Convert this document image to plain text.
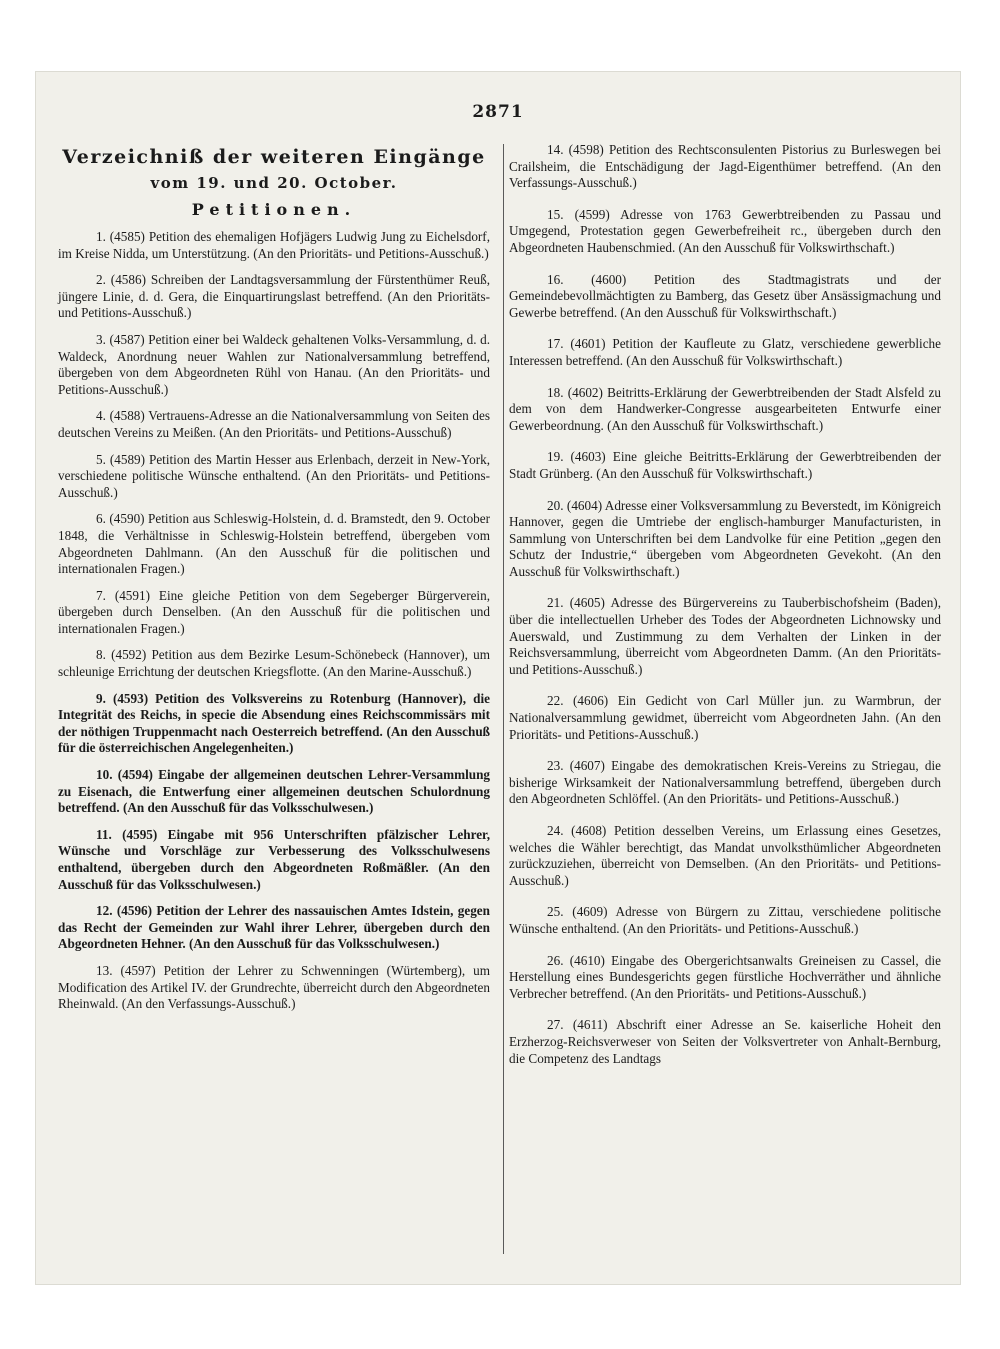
2871
Verzeichniß der weiteren Eingänge
vom 19. und 20. October.
Petitionen.

1. (4585) Petition des ehemaligen Hofjägers Ludwig Jung zu Eichelsdorf, im Kreise Nidda, um Unterstützung. (An den Prioritäts- und Petitions-Ausschuß.)

2. (4586) Schreiben der Landtagsversammlung der Fürstenthümer Reuß, jüngere Linie, d. d. Gera, die Einquartirungslast betreffend. (An den Prioritäts- und Petitions-Ausschuß.)

3. (4587) Petition einer bei Waldeck gehaltenen Volks-Versammlung, d. d. Waldeck, Anordnung neuer Wahlen zur Nationalversammlung betreffend, übergeben von dem Abgeordneten Rühl von Hanau. (An den Prioritäts- und Petitions-Ausschuß.)

4. (4588) Vertrauens-Adresse an die Nationalversammlung von Seiten des deutschen Vereins zu Meißen. (An den Prioritäts- und Petitions-Ausschuß)

5. (4589) Petition des Martin Hesser aus Erlenbach, derzeit in New-York, verschiedene politische Wünsche enthaltend. (An den Prioritäts- und Petitions-Ausschuß.)

6. (4590) Petition aus Schleswig-Holstein, d. d. Bramstedt, den 9. October 1848, die Verhältnisse in Schleswig-Holstein betreffend, übergeben vom Abgeordneten Dahlmann. (An den Ausschuß für die politischen und internationalen Fragen.)

7. (4591) Eine gleiche Petition von dem Segeberger Bürgerverein, übergeben durch Denselben. (An den Ausschuß für die politischen und internationalen Fragen.)

8. (4592) Petition aus dem Bezirke Lesum-Schönebeck (Hannover), um schleunige Errichtung der deutschen Kriegsflotte. (An den Marine-Ausschuß.)

9. (4593) Petition des Volksvereins zu Rotenburg (Hannover), die Integrität des Reichs, in specie die Absendung eines Reichscommissärs mit der nöthigen Truppenmacht nach Oesterreich betreffend. (An den Ausschuß für die österreichischen Angelegenheiten.)

10. (4594) Eingabe der allgemeinen deutschen Lehrer-Versammlung zu Eisenach, die Entwerfung einer allgemeinen deutschen Schulordnung betreffend. (An den Ausschuß für das Volksschulwesen.)

11. (4595) Eingabe mit 956 Unterschriften pfälzischer Lehrer, Wünsche und Vorschläge zur Verbesserung des Volksschulwesens enthaltend, übergeben durch den Abgeordneten Roßmäßler. (An den Ausschuß für das Volksschulwesen.)

12. (4596) Petition der Lehrer des nassauischen Amtes Idstein, gegen das Recht der Gemeinden zur Wahl ihrer Lehrer, übergeben durch den Abgeordneten Hehner. (An den Ausschuß für das Volksschulwesen.)

13. (4597) Petition der Lehrer zu Schwenningen (Würtemberg), um Modification des Artikel IV. der Grundrechte, überreicht durch den Abgeordneten Rheinwald. (An den Verfassungs-Ausschuß.)

14. (4598) Petition des Rechtsconsulenten Pistorius zu Burleswegen bei Crailsheim, die Entschädigung der Jagd-Eigenthümer betreffend. (An den Verfassungs-Ausschuß.)

15. (4599) Adresse von 1763 Gewerbtreibenden zu Passau und Umgegend, Protestation gegen Gewerbefreiheit rc., übergeben durch den Abgeordneten Haubenschmied. (An den Ausschuß für Volkswirthschaft.)

16. (4600) Petition des Stadtmagistrats und der Gemeindebevollmächtigten zu Bamberg, das Gesetz über Ansässigmachung und Gewerbe betreffend. (An den Ausschuß für Volkswirthschaft.)

17. (4601) Petition der Kaufleute zu Glatz, verschiedene gewerbliche Interessen betreffend. (An den Ausschuß für Volkswirthschaft.)

18. (4602) Beitritts-Erklärung der Gewerbtreibenden der Stadt Alsfeld zu dem von dem Handwerker-Congresse ausgearbeiteten Entwurfe einer Gewerbeordnung. (An den Ausschuß für Volkswirthschaft.)

19. (4603) Eine gleiche Beitritts-Erklärung der Gewerbtreibenden der Stadt Grünberg. (An den Ausschuß für Volkswirthschaft.)

20. (4604) Adresse einer Volksversammlung zu Beverstedt, im Königreich Hannover, gegen die Umtriebe der englisch-hamburger Manufacturisten, in Sammlung von Unterschriften bei dem Landvolke für eine Petition „gegen den Schutz der Industrie,“ übergeben vom Abgeordneten Gevekoht. (An den Ausschuß für Volkswirthschaft.)

21. (4605) Adresse des Bürgervereins zu Tauberbischofsheim (Baden), über die intellectuellen Urheber des Todes der Abgeordneten Lichnowsky und Auerswald, und Zustimmung zu dem Verhalten der Linken in der Reichsversammlung, überreicht vom Abgeordneten Damm. (An den Prioritäts- und Petitions-Ausschuß.)

22. (4606) Ein Gedicht von Carl Müller jun. zu Warmbrun, der Nationalversammlung gewidmet, überreicht vom Abgeordneten Jahn. (An den Prioritäts- und Petitions-Ausschuß.)

23. (4607) Eingabe des demokratischen Kreis-Vereins zu Striegau, die bisherige Wirksamkeit der Nationalversammlung betreffend, übergeben durch den Abgeordneten Schlöffel. (An den Prioritäts- und Petitions-Ausschuß.)

24. (4608) Petition desselben Vereins, um Erlassung eines Gesetzes, welches die Wähler berechtigt, das Mandat unvolksthümlicher Abgeordneten zurückzuziehen, überreicht von Demselben. (An den Prioritäts- und Petitions-Ausschuß.)

25. (4609) Adresse von Bürgern zu Zittau, verschiedene politische Wünsche enthaltend. (An den Prioritäts- und Petitions-Ausschuß.)

26. (4610) Eingabe des Obergerichtsanwalts Greineisen zu Cassel, die Herstellung eines Bundesgerichts gegen fürstliche Hochverräther und ähnliche Verbrecher betreffend. (An den Prioritäts- und Petitions-Ausschuß.)

27. (4611) Abschrift einer Adresse an Se. kaiserliche Hoheit den Erzherzog-Reichsverweser von Seiten der Volksvertreter von Anhalt-Bernburg, die Competenz des Landtags
